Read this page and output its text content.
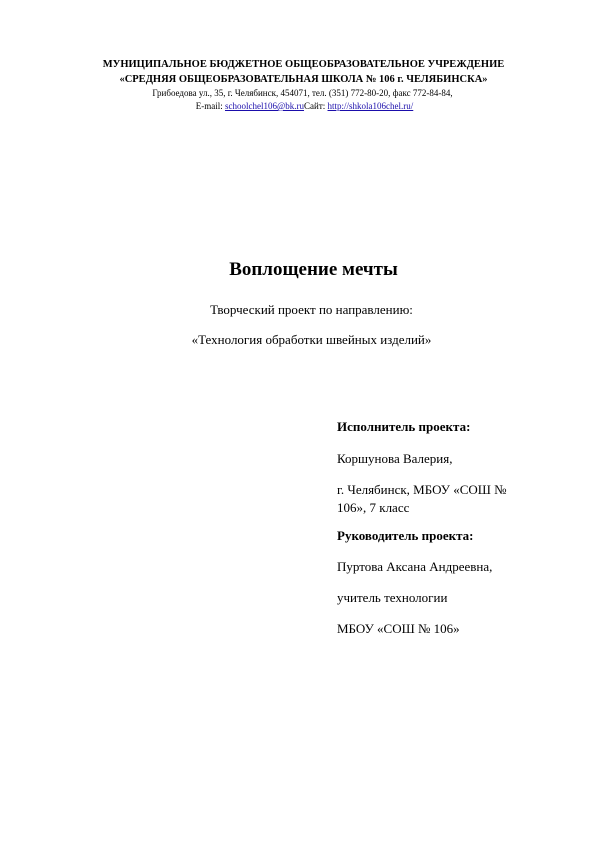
МУНИЦИПАЛЬНОЕ БЮДЖЕТНОЕ ОБЩЕОБРАЗОВАТЕЛЬНОЕ УЧРЕЖДЕНИЕ
«СРЕДНЯЯ ОБЩЕОБРАЗОВАТЕЛЬНАЯ ШКОЛА № 106 г. ЧЕЛЯБИНСКА»
Грибоедова ул., 35, г. Челябинск, 454071, тел. (351) 772-80-20, факс 772-84-84,
E-mail: schoolchel106@bk.ruСайт: http://shkola106chel.ru/
Воплощение мечты
Творческий проект по направлению:
«Технология обработки швейных изделий»
Исполнитель проекта:
Коршунова Валерия,
г. Челябинск, МБОУ «СОШ №
106», 7 класс
Руководитель проекта:
Пуртова Аксана Андреевна,
учитель технологии
МБОУ «СОШ № 106»
